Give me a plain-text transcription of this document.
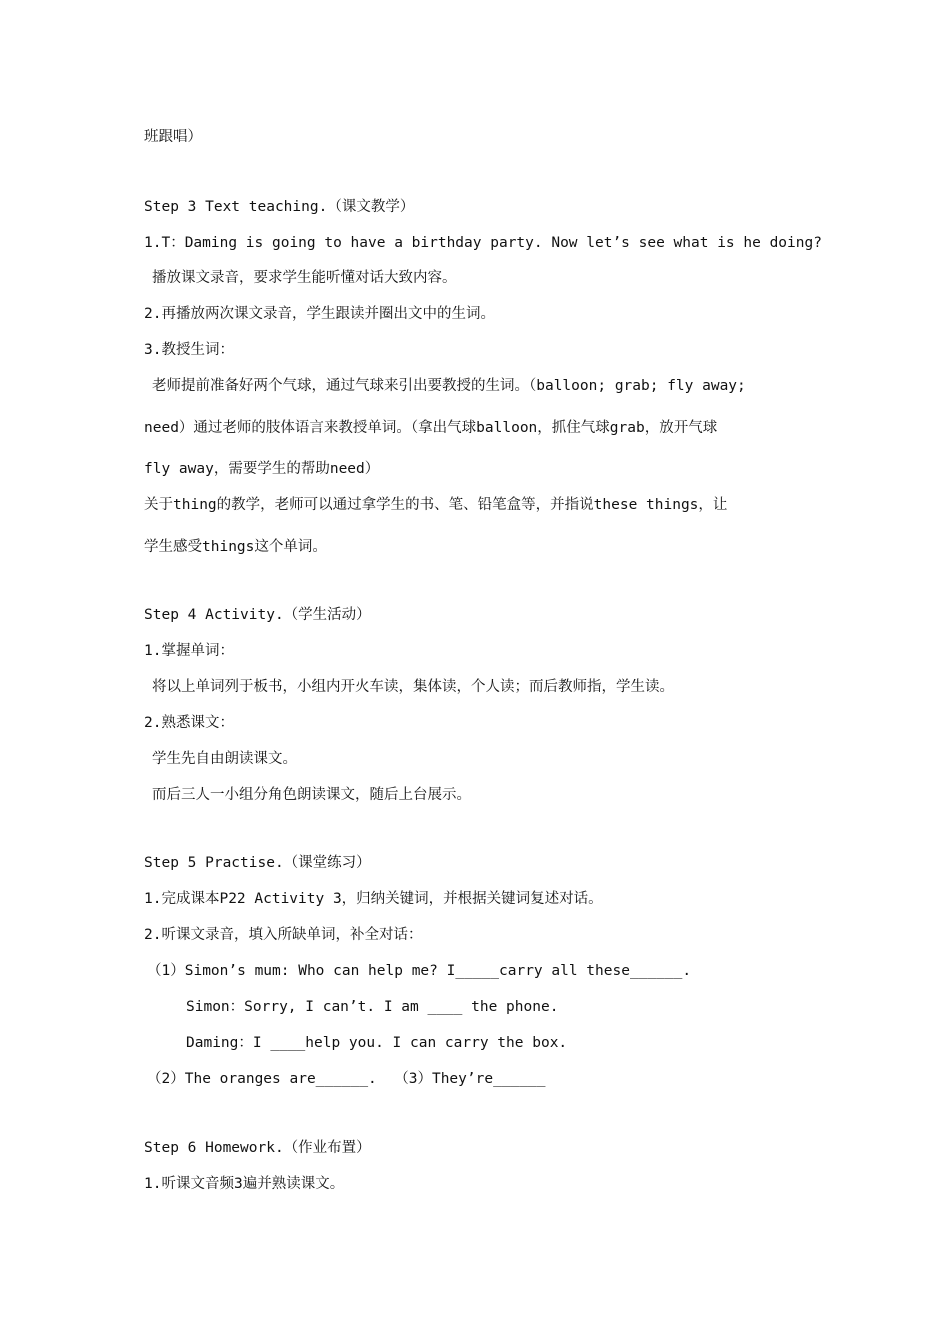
班跟唱）
Step 3 Text teaching.（课文教学）
1.T：Daming is going to have a birthday party. Now let’s see what is he doing?
播放课文录音，要求学生能听懂对话大致内容。
2.再播放两次课文录音，学生跟读并圈出文中的生词。
3.教授生词：
老师提前准备好两个气球，通过气球来引出要教授的生词。（balloon; grab; fly away;
need）通过老师的肢体语言来教授单词。（拿出气球balloon，抓住气球grab，放开气球
fly away，需要学生的帮助need）
关于thing的教学，老师可以通过拿学生的书、笔、铅笔盒等，并指说these things，让
学生感受things这个单词。
Step 4 Activity.（学生活动）
1.掌握单词：
将以上单词列于板书，小组内开火车读，集体读，个人读；而后教师指，学生读。
2.熟悉课文：
学生先自由朗读课文。
而后三人一小组分角色朗读课文，随后上台展示。
Step 5 Practise.（课堂练习）
1.完成课本P22 Activity 3，归纳关键词，并根据关键词复述对话。
2.听课文录音，填入所缺单词，补全对话：
（1）Simon’s mum: Who can help me? I_____carry all these______.
Simon：Sorry, I can’t. I am ____ the phone.
Daming：I ____help you. I can carry the box.
（2）The oranges are______.  （3）They’re______
Step 6 Homework.（作业布置）
1.听课文音频3遍并熟读课文。
